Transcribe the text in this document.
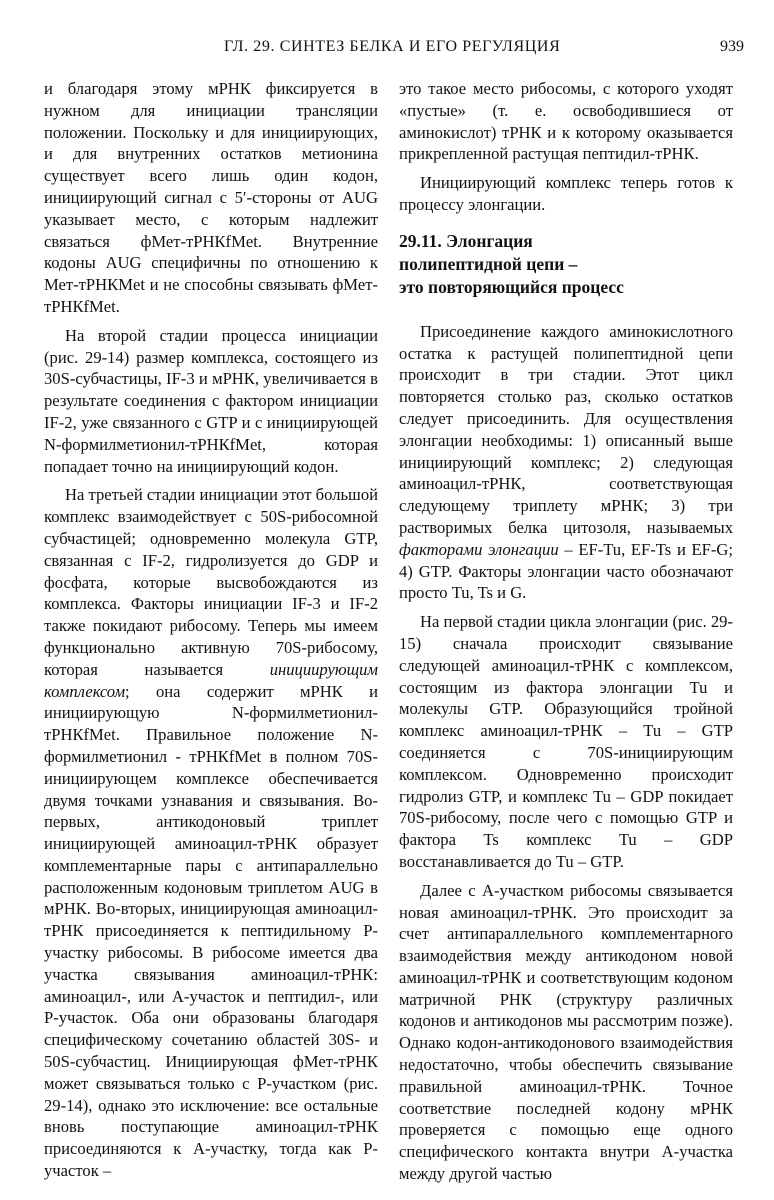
ГЛ. 29. СИНТЕЗ БЕЛКА И ЕГО РЕГУЛЯЦИЯ	939

и благодаря этому мРНК фиксируется в нужном для инициации трансляции положении. Поскольку и для инициирующих, и для внутренних остатков метионина существует всего лишь один кодон, инициирующий сигнал с 5′-стороны от AUG указывает место, с которым надлежит связаться фМет-тРНКfMet. Внутренние кодоны AUG специфичны по отношению к Мет-тРНКMet и не способны связывать фМет-тРНКfMet.

На второй стадии процесса инициации (рис. 29-14) размер комплекса, состоящего из 30S-субчастицы, IF-3 и мРНК, увеличивается в результате соединения с фактором инициации IF-2, уже связанного с GTP и с инициирующей N-формилметионил-тРНКfMet, которая попадает точно на инициирующий кодон.

На третьей стадии инициации этот большой комплекс взаимодействует с 50S-рибосомной субчастицей; одновременно молекула GTP, связанная с IF-2, гидролизуется до GDP и фосфата, которые высвобождаются из комплекса. Факторы инициации IF-3 и IF-2 также покидают рибосому. Теперь мы имеем функционально активную 70S-рибосому, которая называется инициирующим комплексом; она содержит мРНК и инициирующую N-формилметионил-тРНКfMet. Правильное положение N-формилметионил - тРНКfMet в полном 70S-инициирующем комплексе обеспечивается двумя точками узнавания и связывания. Во-первых, антикодоновый триплет инициирующей аминоацил-тРНК образует комплементарные пары с антипараллельно расположенным кодоновым триплетом AUG в мРНК. Во-вторых, инициирующая аминоацил-тРНК присоединяется к пептидильному Р-участку рибосомы. В рибосоме имеется два участка связывания аминоацил-тРНК: аминоацил-, или А-участок и пептидил-, или Р-участок. Оба они образованы благодаря специфическому сочетанию областей 30S- и 50S-субчастиц. Инициирующая фМет-тРНК может связываться только с Р-участком (рис. 29-14), однако это исключение: все остальные вновь поступающие аминоацил-тРНК присоединяются к А-участку, тогда как Р-участок –

это такое место рибосомы, с которого уходят «пустые» (т. е. освободившиеся от аминокислот) тРНК и к которому оказывается прикрепленной растущая пептидил-тРНК.

Инициирующий комплекс теперь готов к процессу элонгации.

29.11. Элонгация
полипептидной цепи –
это повторяющийся процесс

Присоединение каждого аминокислотного остатка к растущей полипептидной цепи происходит в три стадии. Этот цикл повторяется столько раз, сколько остатков следует присоединить. Для осуществления элонгации необходимы: 1) описанный выше инициирующий комплекс; 2) следующая аминоацил-тРНК, соответствующая следующему триплету мРНК; 3) три растворимых белка цитозоля, называемых факторами элонгации – EF-Tu, EF-Ts и EF-G; 4) GTP. Факторы элонгации часто обозначают просто Tu, Ts и G.

На первой стадии цикла элонгации (рис. 29-15) сначала происходит связывание следующей аминоацил-тРНК с комплексом, состоящим из фактора элонгации Tu и молекулы GTP. Образующийся тройной комплекс аминоацил-тРНК – Tu – GTP соединяется с 70S-инициирующим комплексом. Одновременно происходит гидролиз GTP, и комплекс Tu – GDP покидает 70S-рибосому, после чего с помощью GTP и фактора Ts комплекс Tu – GDP восстанавливается до Tu – GTP.

Далее с А-участком рибосомы связывается новая аминоацил-тРНК. Это происходит за счет антипараллельного комплементарного взаимодействия между антикодоном новой аминоацил-тРНК и соответствующим кодоном матричной РНК (структуру различных кодонов и антикодонов мы рассмотрим позже). Однако кодон-антикодонового взаимодействия недостаточно, чтобы обеспечить связывание правильной аминоацил-тРНК. Точное соответствие последней кодону мРНК проверяется с помощью еще одного специфического контакта внутри А-участка между другой частью
